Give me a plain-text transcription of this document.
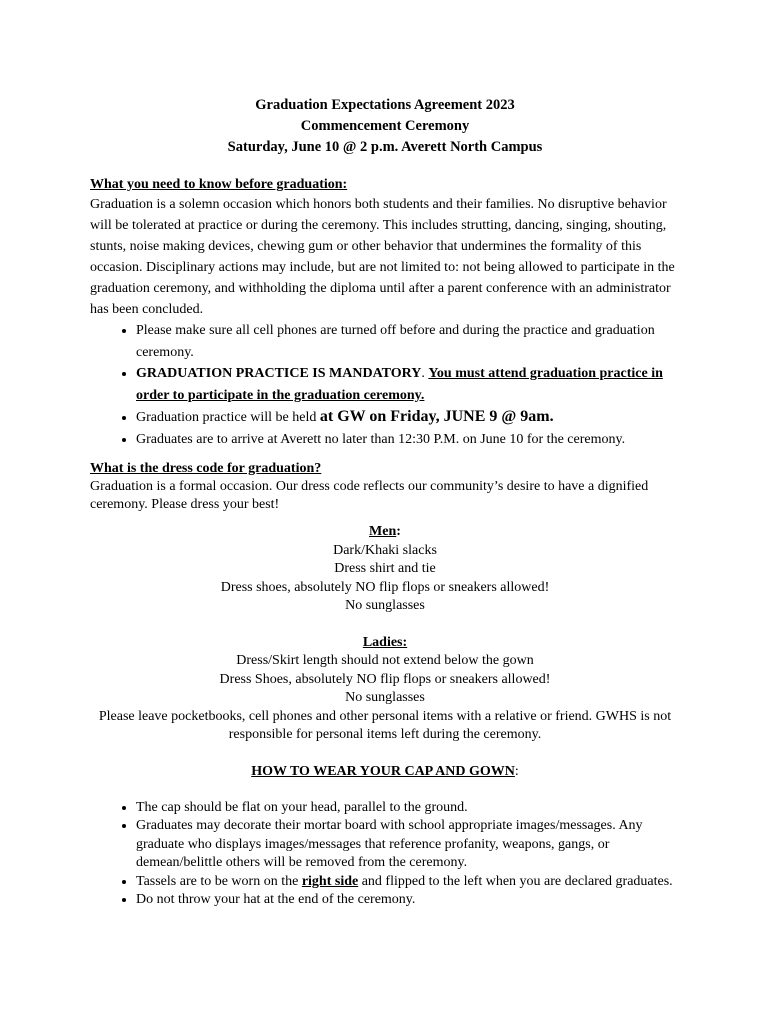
Graduation Expectations Agreement 2023
Commencement Ceremony
Saturday, June 10 @ 2 p.m. Averett North Campus
What you need to know before graduation:

Graduation is a solemn occasion which honors both students and their families. No disruptive behavior will be tolerated at practice or during the ceremony. This includes strutting, dancing, singing, shouting, stunts, noise making devices, chewing gum or other behavior that undermines the formality of this occasion. Disciplinary actions may include, but are not limited to: not being allowed to participate in the graduation ceremony, and withholding the diploma until after a parent conference with an administrator has been concluded.

• Please make sure all cell phones are turned off before and during the practice and graduation ceremony.
• GRADUATION PRACTICE IS MANDATORY. You must attend graduation practice in order to participate in the graduation ceremony.
• Graduation practice will be held at GW on Friday, JUNE 9 @ 9am.
• Graduates are to arrive at Averett no later than 12:30 P.M. on June 10 for the ceremony.
What is the dress code for graduation?

Graduation is a formal occasion. Our dress code reflects our community’s desire to have a dignified ceremony. Please dress your best!

Men:
Dark/Khaki slacks
Dress shirt and tie
Dress shoes, absolutely NO flip flops or sneakers allowed!
No sunglasses
Ladies:
Dress/Skirt length should not extend below the gown
Dress Shoes, absolutely NO flip flops or sneakers allowed!
No sunglasses
Please leave pocketbooks, cell phones and other personal items with a relative or friend. GWHS is not responsible for personal items left during the ceremony.
HOW TO WEAR YOUR CAP AND GOWN:
• The cap should be flat on your head, parallel to the ground.
• Graduates may decorate their mortar board with school appropriate images/messages. Any graduate who displays images/messages that reference profanity, weapons, gangs, or demean/belittle others will be removed from the ceremony.
• Tassels are to be worn on the right side and flipped to the left when you are declared graduates.
• Do not throw your hat at the end of the ceremony.
